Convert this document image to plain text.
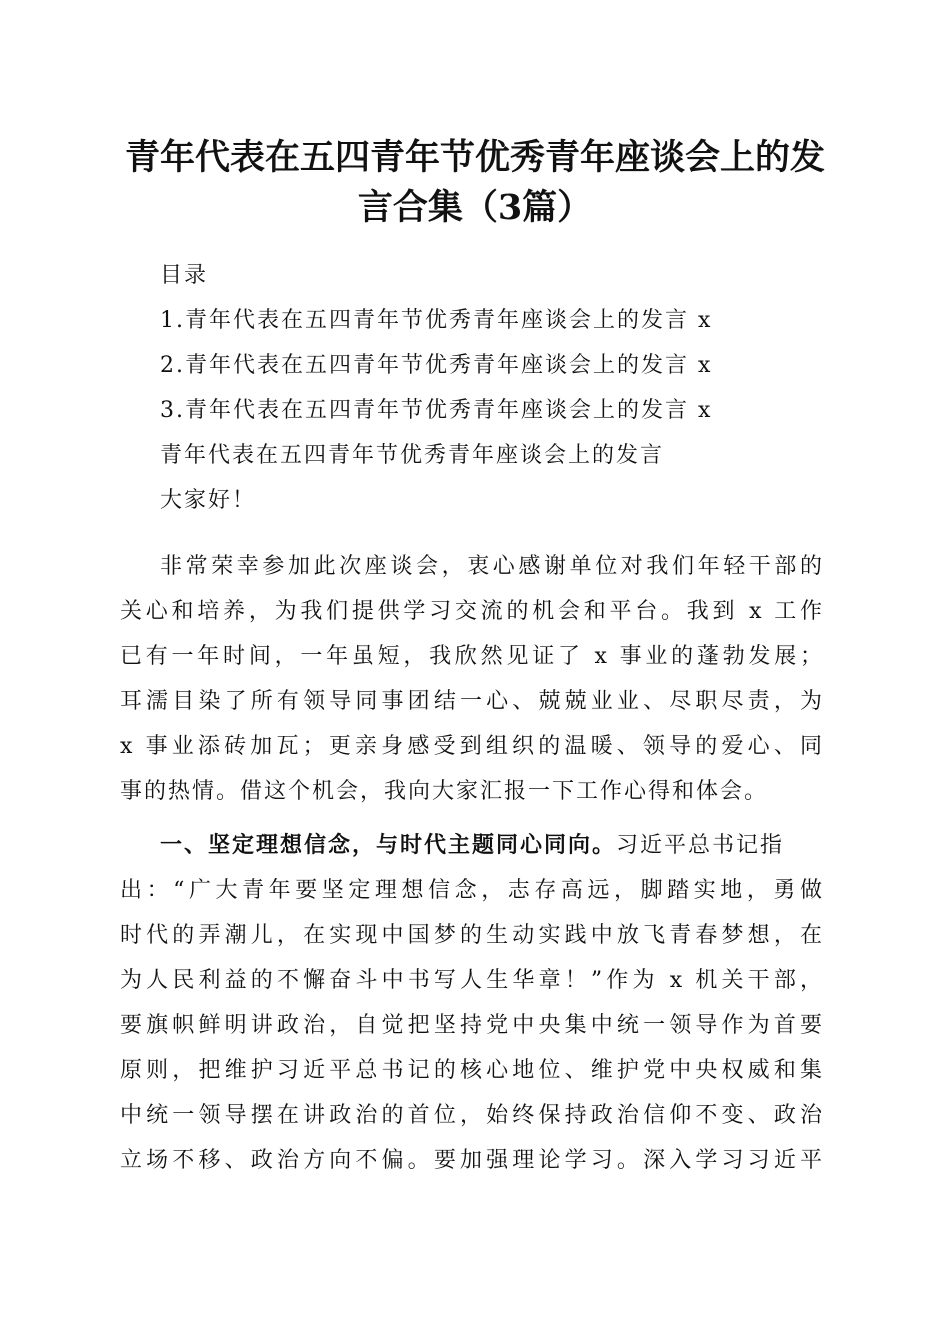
青年代表在五四青年节优秀青年座谈会上的发
言合集（3篇）
目录
1.青年代表在五四青年节优秀青年座谈会上的发言 x
2.青年代表在五四青年节优秀青年座谈会上的发言 x
3.青年代表在五四青年节优秀青年座谈会上的发言 x
青年代表在五四青年节优秀青年座谈会上的发言
大家好！
非常荣幸参加此次座谈会，衷心感谢单位对我们年轻干部的
关心和培养，为我们提供学习交流的机会和平台。我到 x 工作
已有一年时间，一年虽短，我欣然见证了 x 事业的蓬勃发展；
耳濡目染了所有领导同事团结一心、兢兢业业、尽职尽责，为
x 事业添砖加瓦；更亲身感受到组织的温暖、领导的爱心、同
事的热情。借这个机会，我向大家汇报一下工作心得和体会。
一、坚定理想信念，与时代主题同心同向。习近平总书记指
出：“广大青年要坚定理想信念，志存高远，脚踏实地，勇做
时代的弄潮儿，在实现中国梦的生动实践中放飞青春梦想，在
为人民利益的不懈奋斗中书写人生华章！”作为 x 机关干部，
要旗帜鲜明讲政治，自觉把坚持党中央集中统一领导作为首要
原则，把维护习近平总书记的核心地位、维护党中央权威和集
中统一领导摆在讲政治的首位，始终保持政治信仰不变、政治
立场不移、政治方向不偏。要加强理论学习。深入学习习近平
